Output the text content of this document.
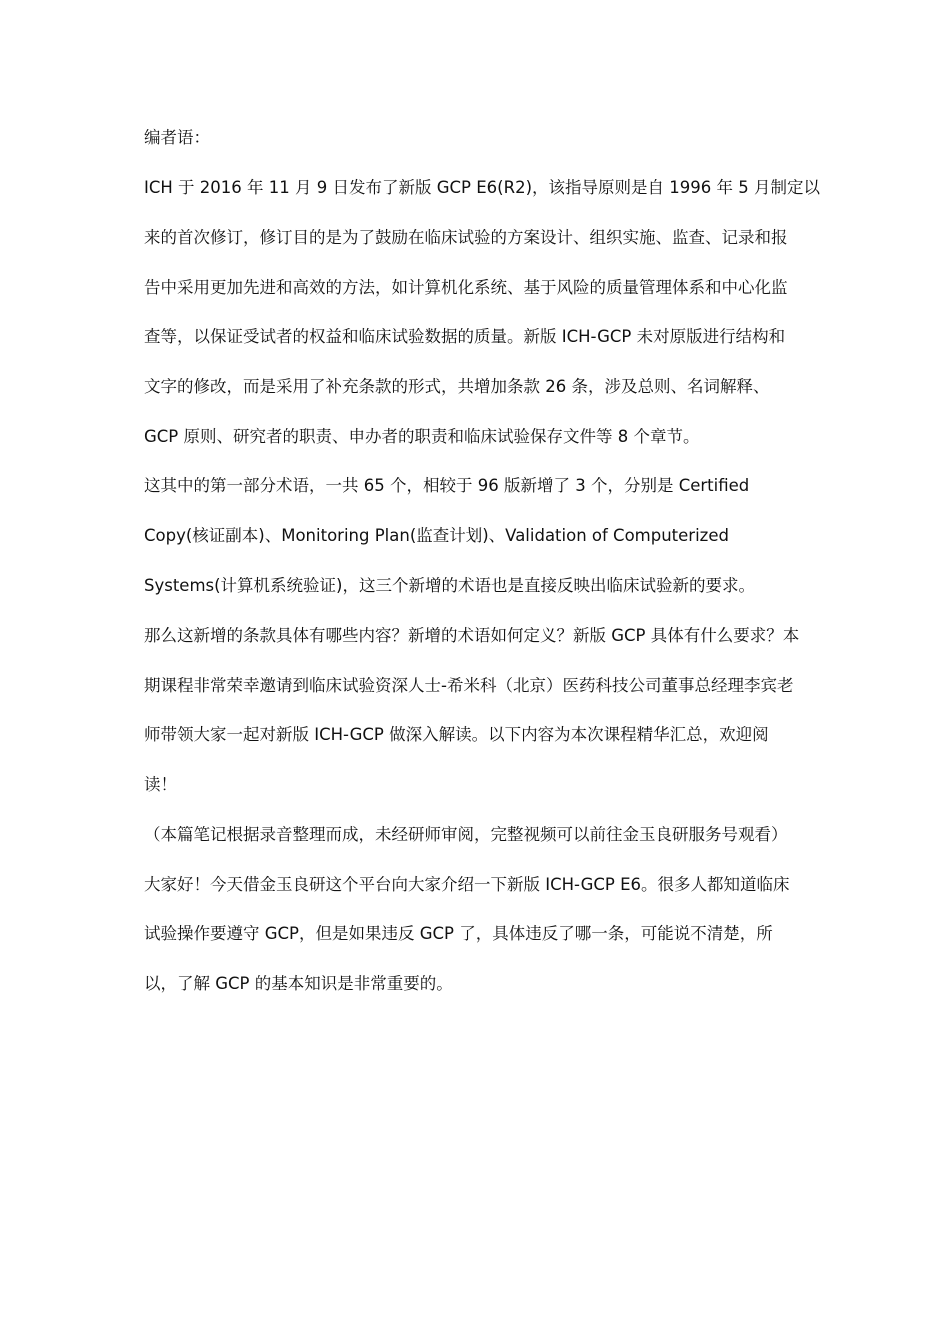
编者语：
ICH 于 2016 年 11 月 9 日发布了新版 GCP E6(R2)，该指导原则是自 1996 年 5 月制定以
来的首次修订，修订目的是为了鼓励在临床试验的方案设计、组织实施、监查、记录和报
告中采用更加先进和高效的方法，如计算机化系统、基于风险的质量管理体系和中心化监
查等，以保证受试者的权益和临床试验数据的质量。新版 ICH-GCP 未对原版进行结构和
文字的修改，而是采用了补充条款的形式，共增加条款 26 条，涉及总则、名词解释、
GCP 原则、研究者的职责、申办者的职责和临床试验保存文件等 8 个章节。
这其中的第一部分术语，一共 65 个，相较于 96 版新增了 3 个，分别是 Certified
Copy(核证副本)、Monitoring Plan(监查计划)、Validation of Computerized
Systems(计算机系统验证)，这三个新增的术语也是直接反映出临床试验新的要求。
那么这新增的条款具体有哪些内容？新增的术语如何定义？新版 GCP 具体有什么要求？本
期课程非常荣幸邀请到临床试验资深人士-希米科（北京）医药科技公司董事总经理李宾老
师带领大家一起对新版 ICH-GCP 做深入解读。以下内容为本次课程精华汇总，欢迎阅
读！
（本篇笔记根据录音整理而成，未经研师审阅，完整视频可以前往金玉良研服务号观看）
大家好！今天借金玉良研这个平台向大家介绍一下新版 ICH-GCP E6。很多人都知道临床
试验操作要遵守 GCP，但是如果违反 GCP 了，具体违反了哪一条，可能说不清楚，所
以，了解 GCP 的基本知识是非常重要的。
